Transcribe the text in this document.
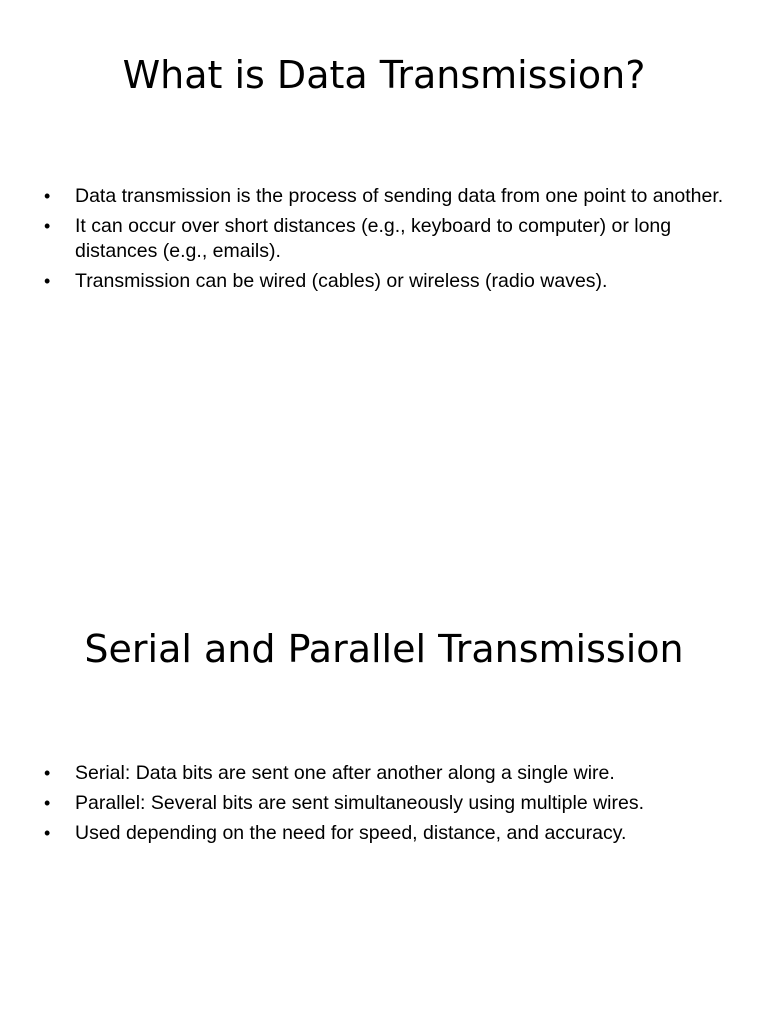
What is Data Transmission?
• Data transmission is the process of sending data from one point to another.
• It can occur over short distances (e.g., keyboard to computer) or long distances (e.g., emails).
• Transmission can be wired (cables) or wireless (radio waves).
Serial and Parallel Transmission
• Serial: Data bits are sent one after another along a single wire.
• Parallel: Several bits are sent simultaneously using multiple wires.
• Used depending on the need for speed, distance, and accuracy.
